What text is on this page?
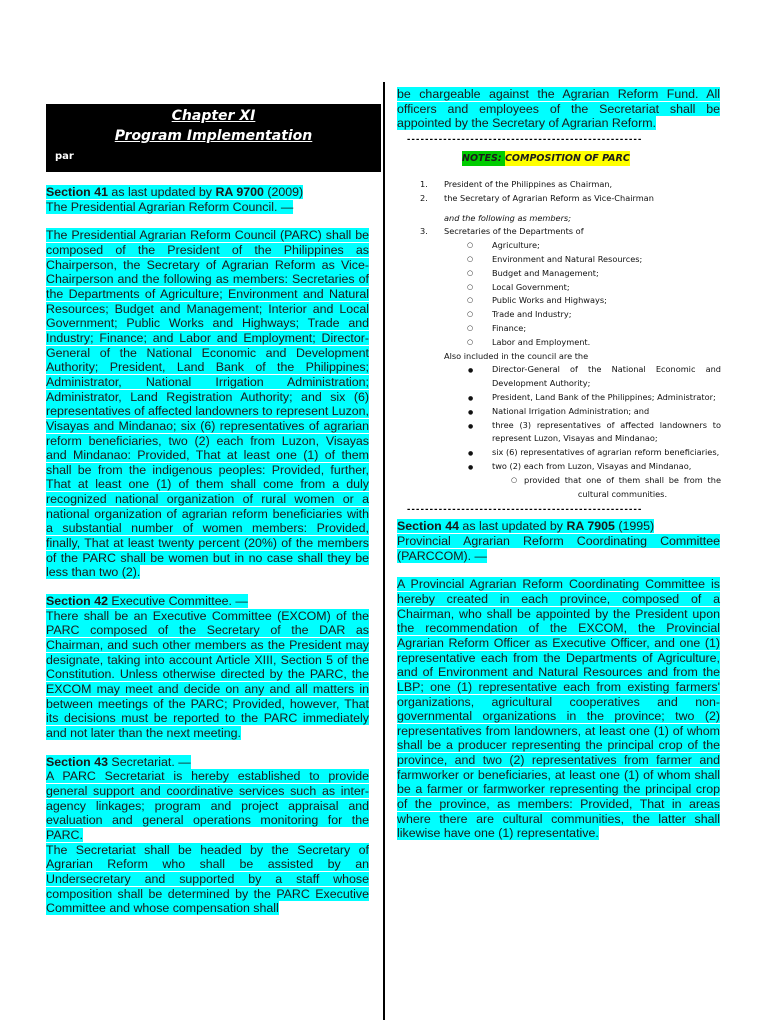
Chapter XI
Program Implementation
par

Section 41 as last updated by RA 9700 (2009)
The Presidential Agrarian Reform Council. —

The Presidential Agrarian Reform Council (PARC) shall be composed of the President of the Philippines as Chairperson, the Secretary of Agrarian Reform as Vice-Chairperson and the following as members: Secretaries of the Departments of Agriculture; Environment and Natural Resources; Budget and Management; Interior and Local Government; Public Works and Highways; Trade and Industry; Finance; and Labor and Employment; Director-General of the National Economic and Development Authority; President, Land Bank of the Philippines; Administrator, National Irrigation Administration; Administrator, Land Registration Authority; and six (6) representatives of affected landowners to represent Luzon, Visayas and Mindanao; six (6) representatives of agrarian reform beneficiaries, two (2) each from Luzon, Visayas and Mindanao: Provided, That at least one (1) of them shall be from the indigenous peoples: Provided, further, That at least one (1) of them shall come from a duly recognized national organization of rural women or a national organization of agrarian reform beneficiaries with a substantial number of women members: Provided, finally, That at least twenty percent (20%) of the members of the PARC shall be women but in no case shall they be less than two (2).

Section 42 Executive Committee. —

There shall be an Executive Committee (EXCOM) of the PARC composed of the Secretary of the DAR as Chairman, and such other members as the President may designate, taking into account Article XIII, Section 5 of the Constitution. Unless otherwise directed by the PARC, the EXCOM may meet and decide on any and all matters in between meetings of the PARC; Provided, however, That its decisions must be reported to the PARC immediately and not later than the next meeting.

Section 43 Secretariat. —

A PARC Secretariat is hereby established to provide general support and coordinative services such as inter-agency linkages; program and project appraisal and evaluation and general operations monitoring for the PARC.

The Secretariat shall be headed by the Secretary of Agrarian Reform who shall be assisted by an Undersecretary and supported by a staff whose composition shall be determined by the PARC Executive Committee and whose compensation shall

be chargeable against the Agrarian Reform Fund. All officers and employees of the Secretariat shall be appointed by the Secretary of Agrarian Reform.

----------------------------------------------------
NOTES: COMPOSITION OF PARC
1. President of the Philippines as Chairman,
2. the Secretary of Agrarian Reform as Vice-Chairman
and the following as members;
3. Secretaries of the Departments of
○ Agriculture;
○ Environment and Natural Resources;
○ Budget and Management;
○ Local Government;
○ Public Works and Highways;
○ Trade and Industry;
○ Finance;
○ Labor and Employment.
Also included in the council are the
● Director-General of the National Economic and Development Authority;
● President, Land Bank of the Philippines; Administrator;
● National Irrigation Administration; and
● three (3) representatives of affected landowners to represent Luzon, Visayas and Mindanao;
● six (6) representatives of agrarian reform beneficiaries,
● two (2) each from Luzon, Visayas and Mindanao,
○ provided that one of them shall be from the cultural communities.
----------------------------------------------------

Section 44 as last updated by RA 7905 (1995)
Provincial Agrarian Reform Coordinating Committee (PARCCOM). —

A Provincial Agrarian Reform Coordinating Committee is hereby created in each province, composed of a Chairman, who shall be appointed by the President upon the recommendation of the EXCOM, the Provincial Agrarian Reform Officer as Executive Officer, and one (1) representative each from the Departments of Agriculture, and of Environment and Natural Resources and from the LBP; one (1) representative each from existing farmers' organizations, agricultural cooperatives and non-governmental organizations in the province; two (2) representatives from landowners, at least one (1) of whom shall be a producer representing the principal crop of the province, and two (2) representatives from farmer and farmworker or beneficiaries, at least one (1) of whom shall be a farmer or farmworker representing the principal crop of the province, as members: Provided, That in areas where there are cultural communities, the latter shall likewise have one (1) representative.
